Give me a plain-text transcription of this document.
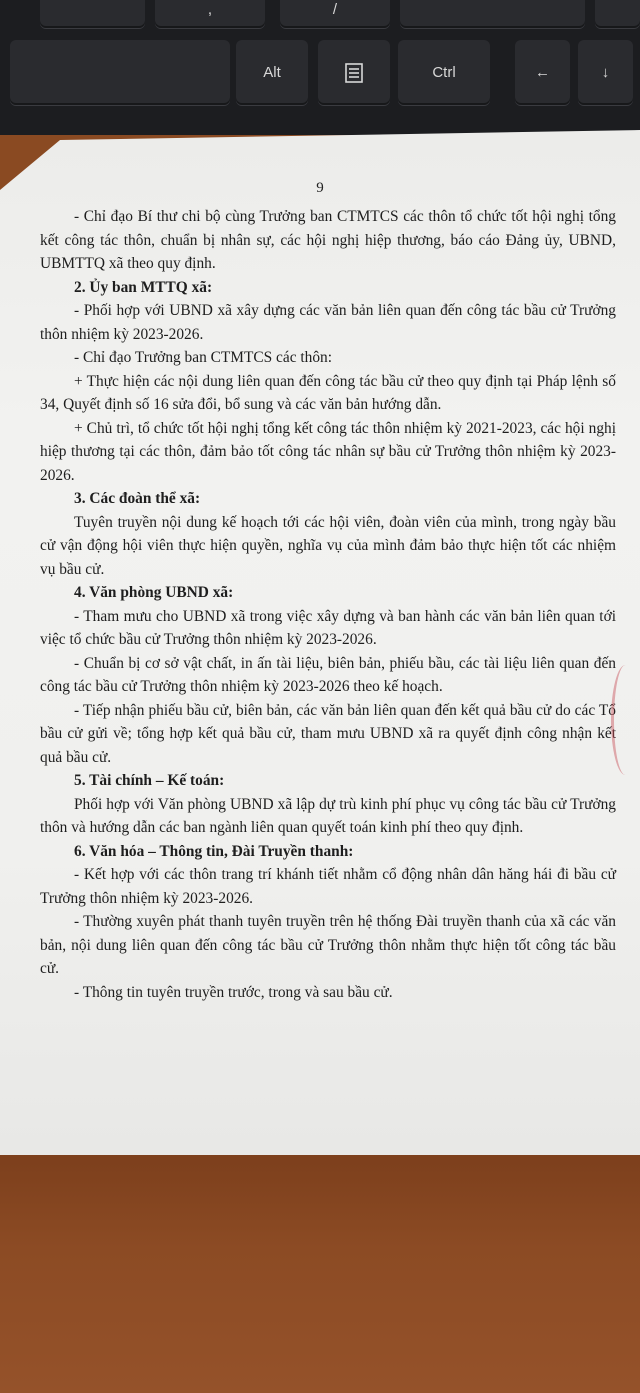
,	/
Alt	Ctrl	←	↓
9

- Chỉ đạo Bí thư chi bộ cùng Trưởng ban CTMTCS các thôn tổ chức tốt hội nghị tổng kết công tác thôn, chuẩn bị nhân sự, các hội nghị hiệp thương, báo cáo Đảng ủy, UBND, UBMTTQ xã theo quy định.

2. Ủy ban MTTQ xã:

- Phối hợp với UBND xã xây dựng các văn bản liên quan đến công tác bầu cử Trưởng thôn nhiệm kỳ 2023-2026.

- Chỉ đạo Trưởng ban CTMTCS các thôn:

+ Thực hiện các nội dung liên quan đến công tác bầu cử theo quy định tại Pháp lệnh số 34, Quyết định số 16 sửa đổi, bổ sung và các văn bản hướng dẫn.

+ Chủ trì, tổ chức tốt hội nghị tổng kết công tác thôn nhiệm kỳ 2021-2023, các hội nghị hiệp thương tại các thôn, đảm bảo tốt công tác nhân sự bầu cử Trưởng thôn nhiệm kỳ 2023-2026.

3. Các đoàn thể xã:

Tuyên truyền nội dung kế hoạch tới các hội viên, đoàn viên của mình, trong ngày bầu cử vận động hội viên thực hiện quyền, nghĩa vụ của mình đảm bảo thực hiện tốt các nhiệm vụ bầu cử.

4. Văn phòng UBND xã:

- Tham mưu cho UBND xã trong việc xây dựng và ban hành các văn bản liên quan tới việc tổ chức bầu cử Trưởng thôn nhiệm kỳ 2023-2026.

- Chuẩn bị cơ sở vật chất, in ấn tài liệu, biên bản, phiếu bầu, các tài liệu liên quan đến công tác bầu cử Trưởng thôn nhiệm kỳ 2023-2026 theo kế hoạch.

- Tiếp nhận phiếu bầu cử, biên bản, các văn bản liên quan đến kết quả bầu cử do các Tổ bầu cử gửi về; tổng hợp kết quả bầu cử, tham mưu UBND xã ra quyết định công nhận kết quả bầu cử.

5. Tài chính – Kế toán:

Phối hợp với Văn phòng UBND xã lập dự trù kinh phí phục vụ công tác bầu cử Trưởng thôn và hướng dẫn các ban ngành liên quan quyết toán kinh phí theo quy định.

6. Văn hóa – Thông tin, Đài Truyền thanh:

- Kết hợp với các thôn trang trí khánh tiết nhằm cổ động nhân dân hăng hái đi bầu cử Trưởng thôn nhiệm kỳ 2023-2026.

- Thường xuyên phát thanh tuyên truyền trên hệ thống Đài truyền thanh của xã các văn bản, nội dung liên quan đến công tác bầu cử Trưởng thôn nhằm thực hiện tốt công tác bầu cử.

- Thông tin tuyên truyền trước, trong và sau bầu cử.
